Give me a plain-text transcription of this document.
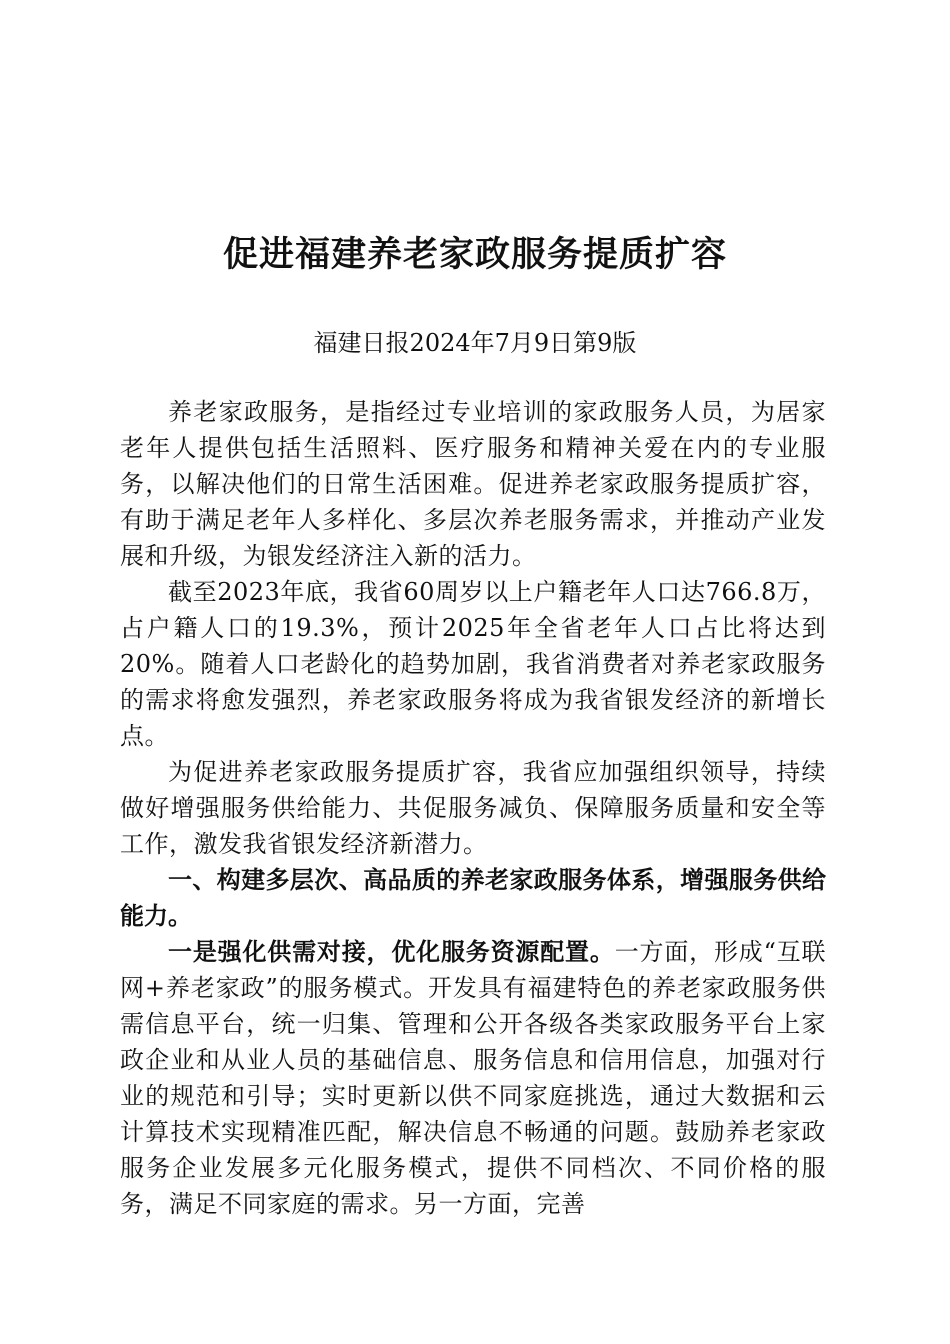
促进福建养老家政服务提质扩容
福建日报2024年7月9日第9版

养老家政服务，是指经过专业培训的家政服务人员，为居家老年人提供包括生活照料、医疗服务和精神关爱在内的专业服务，以解决他们的日常生活困难。促进养老家政服务提质扩容，有助于满足老年人多样化、多层次养老服务需求，并推动产业发展和升级，为银发经济注入新的活力。

截至2023年底，我省60周岁以上户籍老年人口达766.8万，占户籍人口的19.3%，预计2025年全省老年人口占比将达到20%。随着人口老龄化的趋势加剧，我省消费者对养老家政服务的需求将愈发强烈，养老家政服务将成为我省银发经济的新增长点。

为促进养老家政服务提质扩容，我省应加强组织领导，持续做好增强服务供给能力、共促服务减负、保障服务质量和安全等工作，激发我省银发经济新潜力。

一、构建多层次、高品质的养老家政服务体系，增强服务供给能力。

一是强化供需对接，优化服务资源配置。一方面，形成“互联网+养老家政”的服务模式。开发具有福建特色的养老家政服务供需信息平台，统一归集、管理和公开各级各类家政服务平台上家政企业和从业人员的基础信息、服务信息和信用信息，加强对行业的规范和引导；实时更新以供不同家庭挑选，通过大数据和云计算技术实现精准匹配，解决信息不畅通的问题。鼓励养老家政服务企业发展多元化服务模式，提供不同档次、不同价格的服务，满足不同家庭的需求。另一方面，完善
